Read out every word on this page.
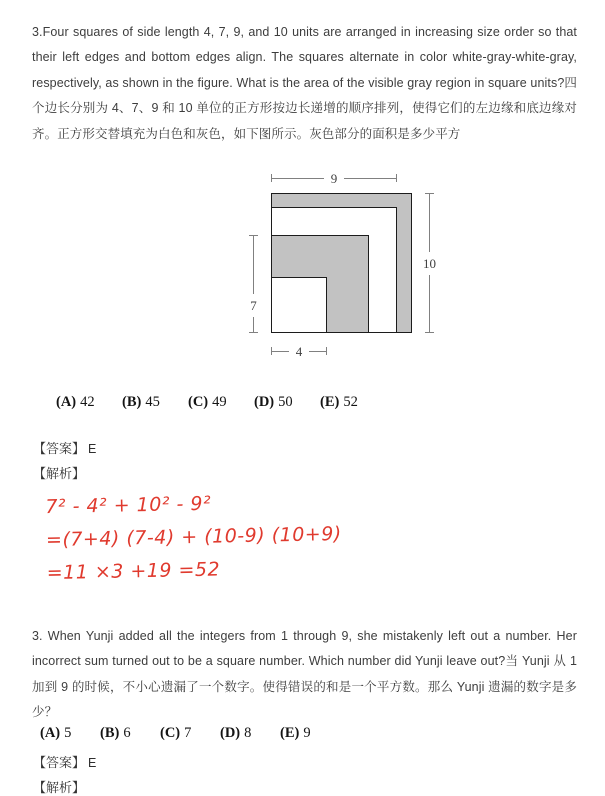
3.Four squares of side length 4, 7, 9, and 10 units are arranged in increasing size order so that their left edges and bottom edges align. The squares alternate in color white-gray-white-gray, respectively, as shown in the figure. What is the area of the visible gray region in square units?四个边长分别为 4、7、9 和 10 单位的正方形按边长递增的顺序排列，使得它们的左边缘和底边缘对齐。正方形交替填充为白色和灰色，如下图所示。灰色部分的面积是多少平方

9
10
7
4
(A) 42 (B) 45 (C) 49 (D) 50 (E) 52
【答案】 E
【解析】
7² - 4² + 10² - 9²
=(7+4) (7-4) + (10-9) (10+9)
=11 ×3 +19 =52

3. When Yunji added all the integers from 1 through 9, she mistakenly left out a number. Her incorrect sum turned out to be a square number. Which number did Yunji leave out?当 Yunji 从 1 加到 9 的时候，不小心遗漏了一个数字。使得错误的和是一个平方数。那么 Yunji 遗漏的数字是多少？

(A) 5 (B) 6 (C) 7 (D) 8 (E) 9
【答案】 E
【解析】
